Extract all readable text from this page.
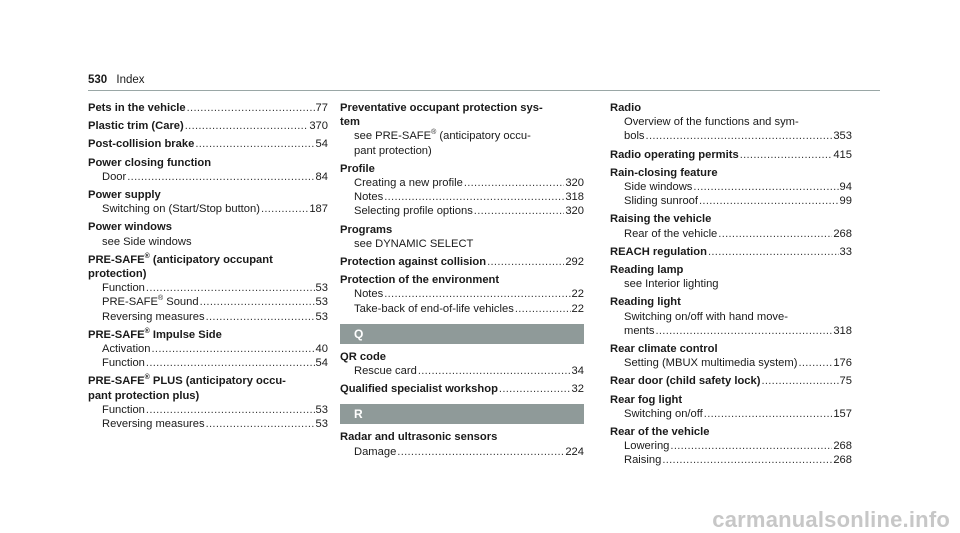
530 Index
Pets in the vehicle .....	77
Plastic trim (Care) .....	370
Post-collision brake .....	54
Power closing function
Door .....	84
Power supply
Switching on (Start/Stop button) .....	187
Power windows
see Side windows
PRE-SAFE® (anticipatory occupant
protection)
Function .....	53
PRE-SAFE® Sound .....	53
Reversing measures .....	53
PRE-SAFE® Impulse Side
Activation .....	40
Function .....	54
PRE-SAFE® PLUS (anticipatory occu-
pant protection plus)
Function .....	53
Reversing measures .....	53
Preventative occupant protection sys-
tem
see PRE-SAFE® (anticipatory occu-
pant protection)
Profile
Creating a new profile .....	320
Notes .....	318
Selecting profile options .....	320
Programs
see DYNAMIC SELECT
Protection against collision .....	292
Protection of the environment
Notes .....	22
Take-back of end-of-life vehicles .....	22
Q
QR code
Rescue card .....	34
Qualified specialist workshop .....	32
R
Radar and ultrasonic sensors
Damage .....	224
Radio
Overview of the functions and sym-
bols .....	353
Radio operating permits .....	415
Rain-closing feature
Side windows .....	94
Sliding sunroof .....	99
Raising the vehicle
Rear of the vehicle .....	268
REACH regulation .....	33
Reading lamp
see Interior lighting
Reading light
Switching on/off with hand move-
ments .....	318
Rear climate control
Setting (MBUX multimedia system) .....	176
Rear door (child safety lock) .....	75
Rear fog light
Switching on/off .....	157
Rear of the vehicle
Lowering .....	268
Raising .....	268
carmanualsonline.info
